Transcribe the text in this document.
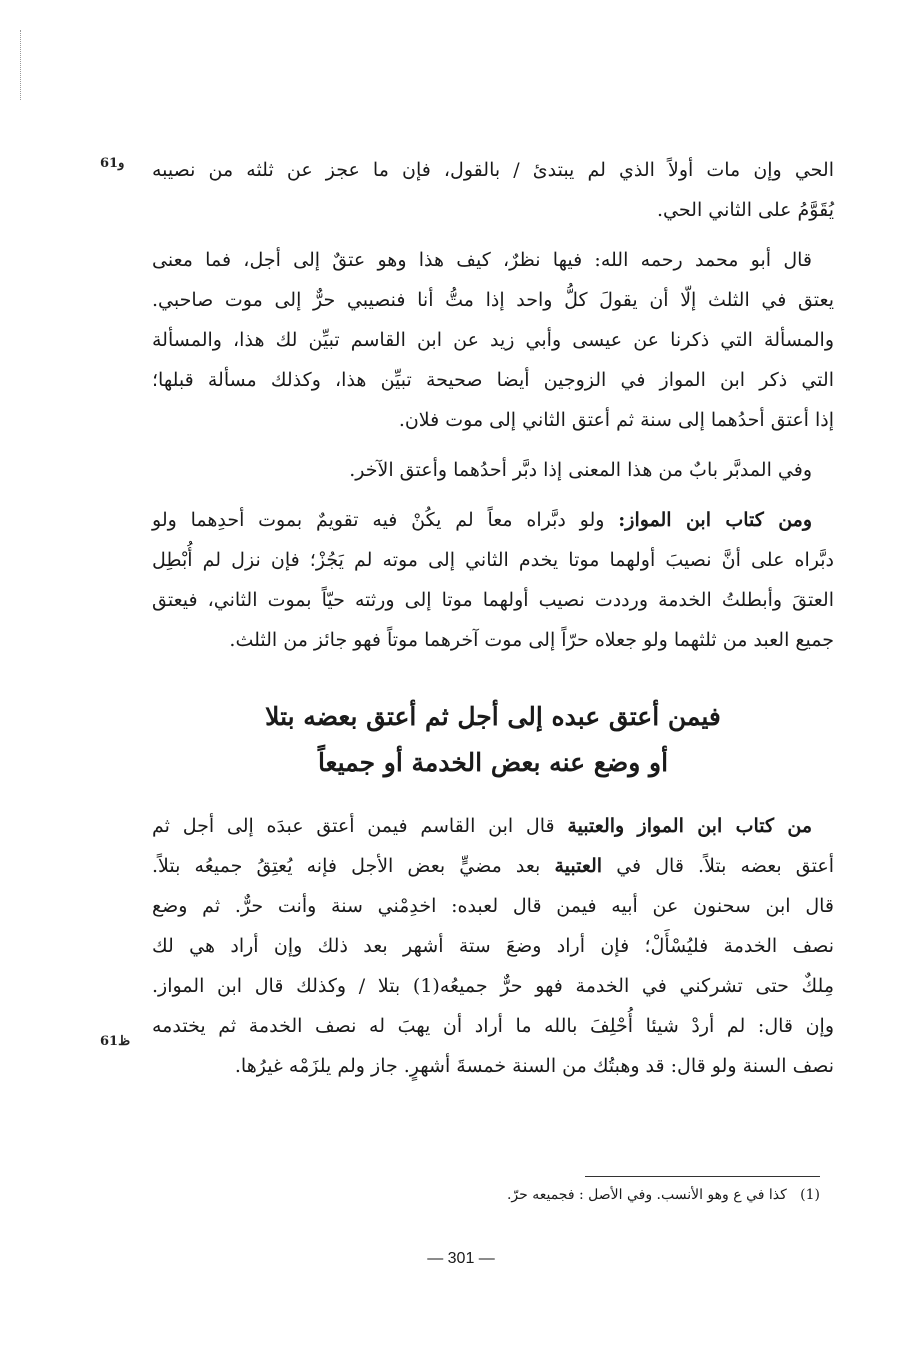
و61
ظ61

الحي وإن مات أولاً الذي لم يبتدئ / بالقول، فإن ما عجز عن ثلثه من نصيبه
يُقَوَّمُ على الثاني الحي.

قال أبو محمد رحمه الله: فيها نظرٌ، كيف هذا وهو عتقٌ إلى أجل، فما معنى
يعتق في الثلث إلّا أن يقولَ كلُّ واحد إذا متُّ أنا فنصيبي حرٌّ إلى موت صاحبي.
والمسألة التي ذكرنا عن عيسى وأبي زيد عن ابن القاسم تبيِّن لك هذا، والمسألة
التي ذكر ابن المواز في الزوجين أيضا صحيحة تبيِّن هذا، وكذلك مسألة قبلها؛
إذا أعتق أحدُهما إلى سنة ثم أعتق الثاني إلى موت فلان.

وفي المدبَّر بابٌ من هذا المعنى إذا دبَّر أحدُهما وأعتق الآخر.

ومن كتاب ابن المواز: ولو دبَّراه معاً لم يكُنْ فيه تقويمٌ بموت أحدِهما ولو
دبَّراه على أنَّ نصيبَ أولهما موتا يخدم الثاني إلى موته لم يَجُزْ؛ فإن نزل لم أُبْطِل
العتقَ وأبطلتُ الخدمة ورددت نصيب أولهما موتا إلى ورثته حيّاً بموت الثاني، فيعتق
جميع العبد من ثلثهما ولو جعلاه حرّاً إلى موت آخرهما موتاً فهو جائز من الثلث.

فيمن أعتق عبده إلى أجل ثم أعتق بعضه بتلا
أو وضع عنه بعض الخدمة أو جميعاً

من كتاب ابن المواز والعتبية قال ابن القاسم فيمن أعتق عبدَه إلى أجل ثم
أعتق بعضه بتلاً. قال في العتبية بعد مضيٍّ بعض الأجل فإنه يُعتِقُ جميعُه بتلاً.
قال ابن سحنون عن أبيه فيمن قال لعبده: اخدِمْني سنة وأنت حرٌّ. ثم وضع
نصف الخدمة فليُسْأَلْ؛ فإن أراد وضعَ ستة أشهر بعد ذلك وإن أراد هي لك
مِلكٌ حتى تشركني في الخدمة فهو حرٌّ جميعُه(1) بتلا / وكذلك قال ابن المواز.
وإن قال: لم أردْ شيئا أُحْلِفَ بالله ما أراد أن يهبَ له نصف الخدمة ثم يختدمه
نصف السنة ولو قال: قد وهبتُك من السنة خمسةَ أشهرٍ. جاز ولم يلزَمْه غيرُها.

(1)   كذا في ع وهو الأنسب. وفي الأصل : فجميعه حرّ.
— 301 —
